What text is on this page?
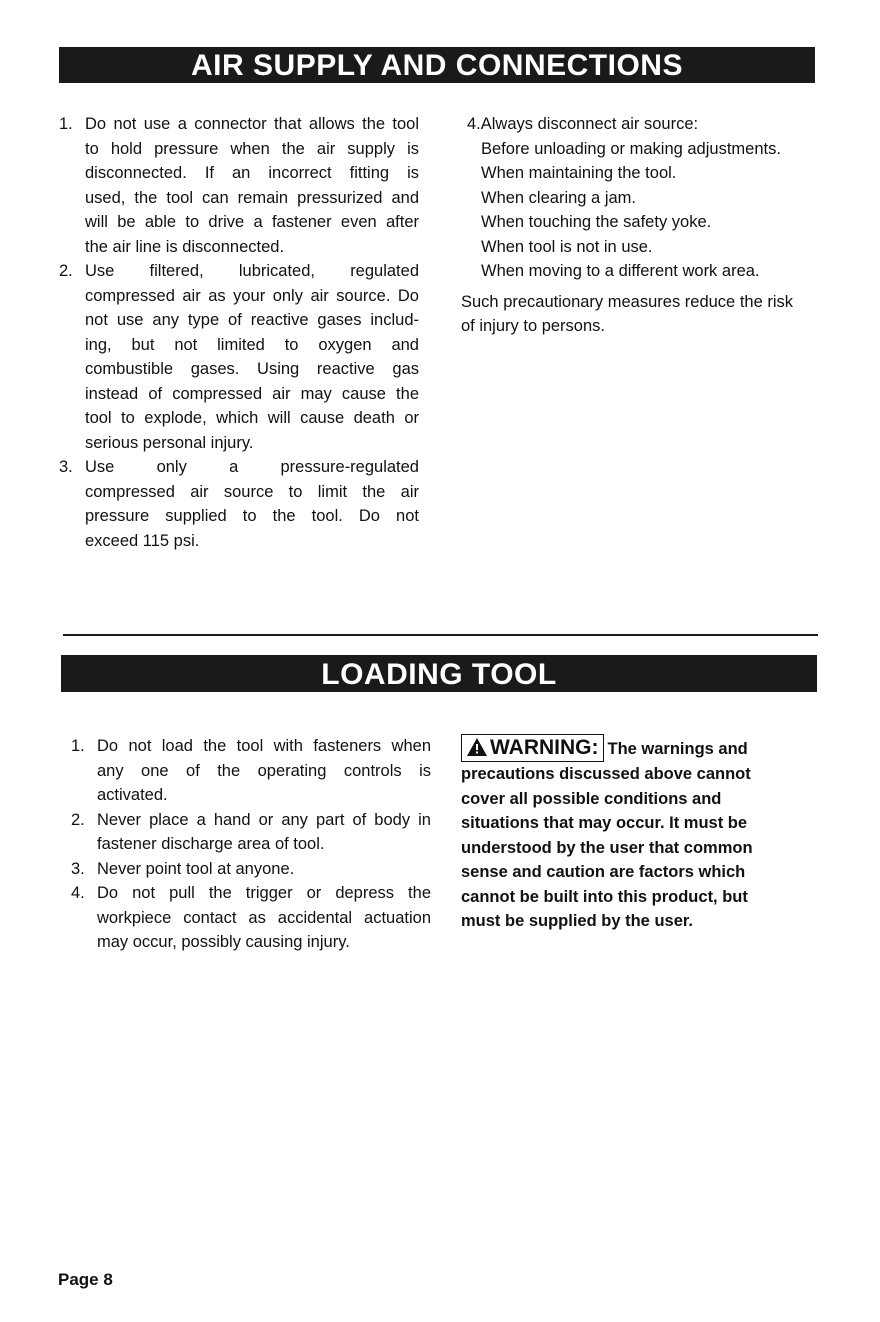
AIR SUPPLY AND CONNECTIONS
1. Do not use a connector that allows the tool
to hold pressure when the air supply is
disconnected. If an incorrect fitting is
used, the tool can remain pressurized and
will be able to drive a fastener even after
the air line is disconnected.
2. Use filtered, lubricated, regulated
compressed air as your only air source. Do
not use any type of reactive gases includ-
ing, but not limited to oxygen and
combustible gases. Using reactive gas
instead of compressed air may cause the
tool to explode, which will cause death or
serious personal injury.
3. Use only a pressure-regulated
compressed air source to limit the air
pressure supplied to the tool. Do not
exceed 115 psi.
4.Always disconnect air source:
Before unloading or making adjustments.
When maintaining the tool.
When clearing a jam.
When touching the safety yoke.
When tool is not in use.
When moving to a different work area.
Such precautionary measures reduce the risk
of injury to persons.
LOADING TOOL
1. Do not load the tool with fasteners when
any one of the operating controls is
activated.
2. Never place a hand or any part of body in
fastener discharge area of tool.
3. Never point tool at anyone.
4. Do not pull the trigger or depress the
workpiece contact as accidental actuation
may occur, possibly causing injury.
WARNING: The warnings and
precautions discussed above cannot
cover all possible conditions and
situations that may occur. It must be
understood by the user that common
sense and caution are factors which
cannot be built into this product, but
must be supplied by the user.
Page 8
